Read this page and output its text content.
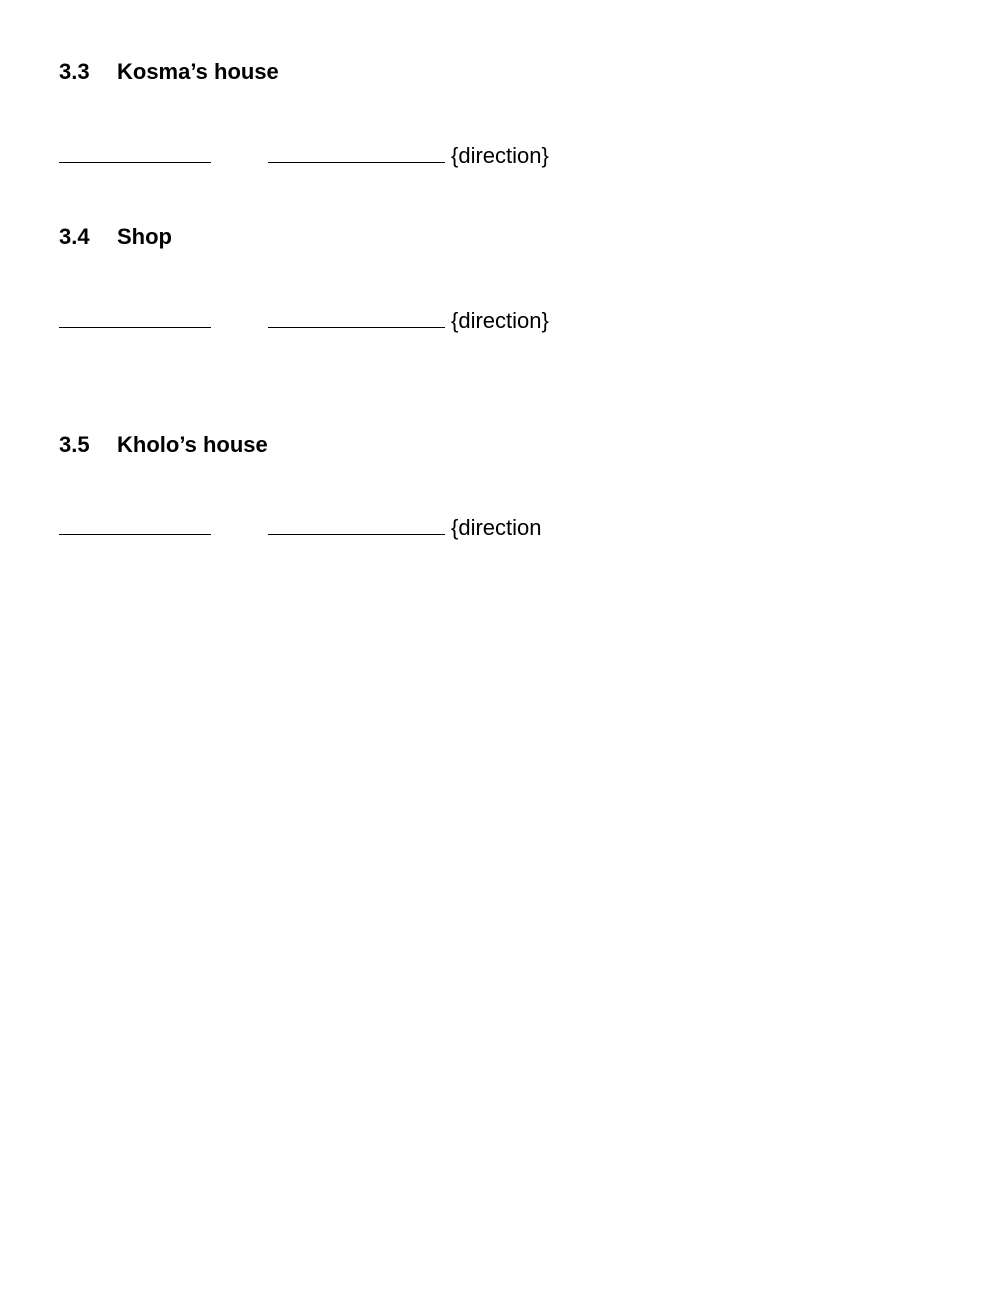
3.3 Kosma’s house
{direction}
3.4 Shop
{direction}
3.5 Kholo’s house
{direction
